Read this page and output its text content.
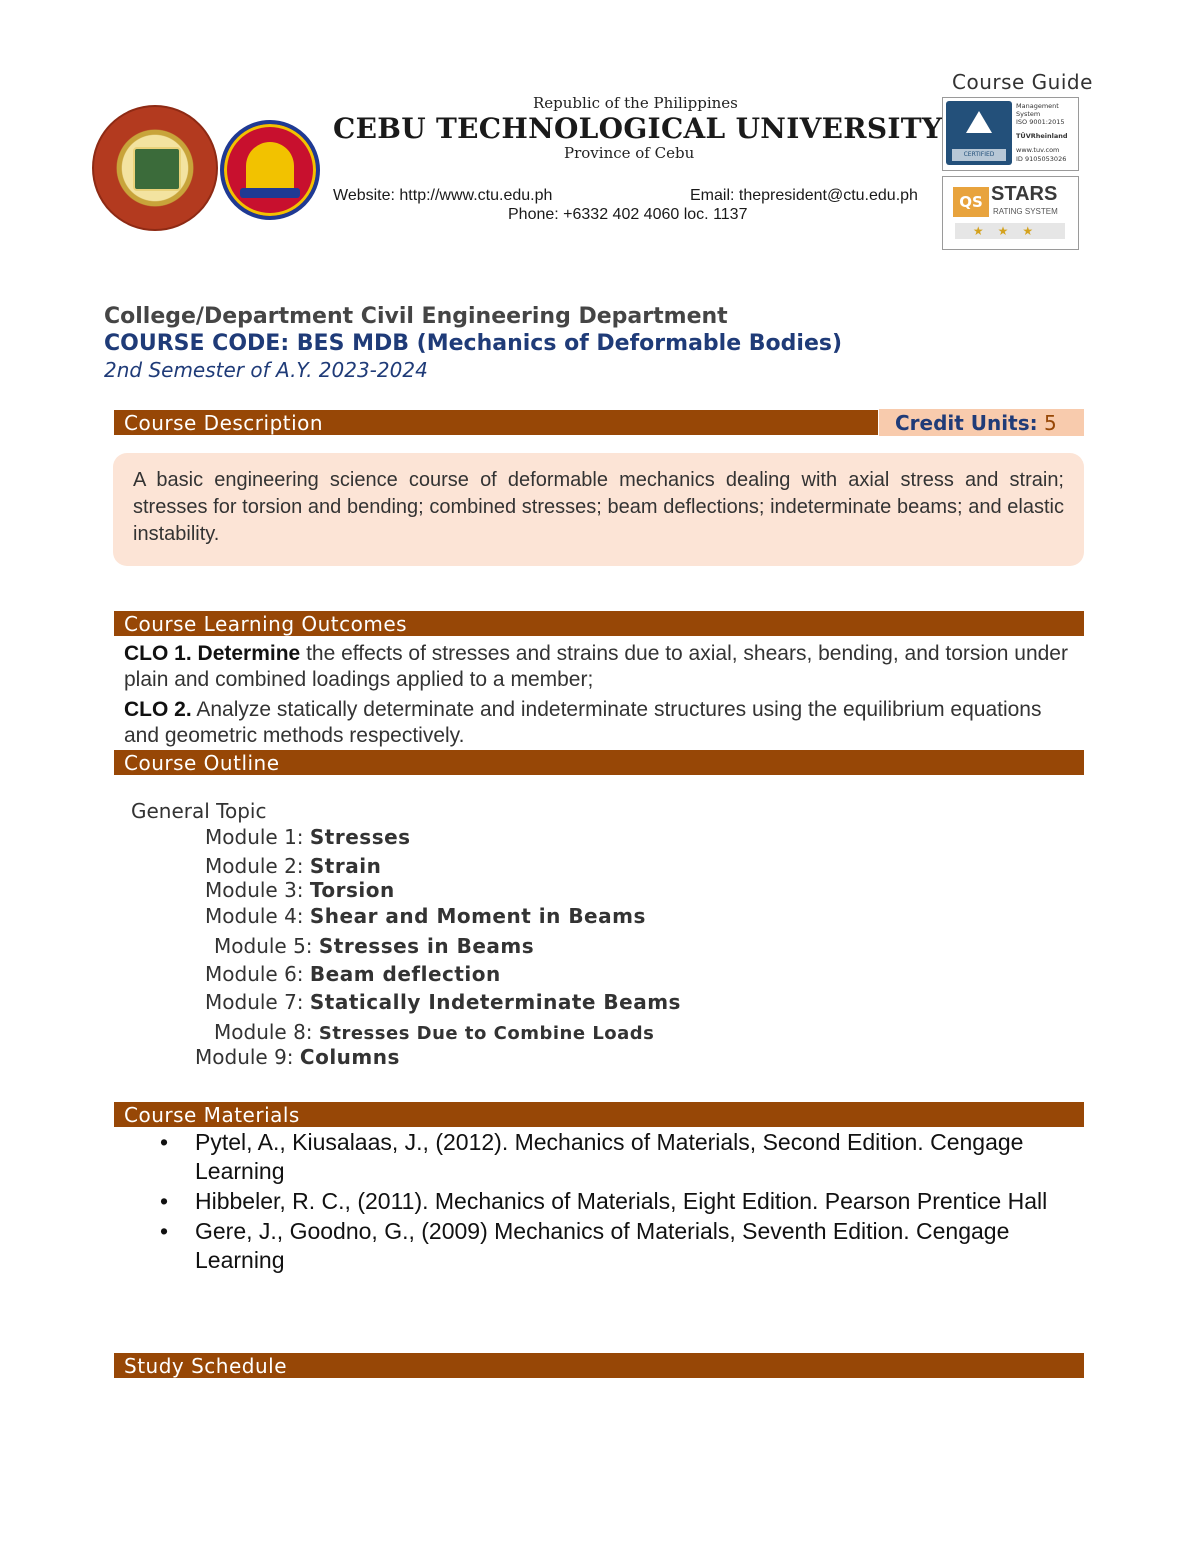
Course Guide
Republic of the Philippines
CEBU TECHNOLOGICAL UNIVERSITY
Province of Cebu
Website: http://www.ctu.edu.ph	Email: thepresident@ctu.edu.ph
Phone: +6332 402 4060 loc. 1137
CERTIFIED
Management
System
ISO 9001:2015
TÜVRheinland
www.tuv.com
ID 9105053026
QS STARS
RATING SYSTEM
★★★
College/Department Civil Engineering Department
COURSE CODE: BES MDB (Mechanics of Deformable Bodies)
2nd Semester of A.Y. 2023-2024
Course Description	Credit Units: 5
A basic engineering science course of deformable mechanics dealing with axial stress and strain; stresses for torsion and bending; combined stresses; beam deflections; indeterminate beams; and elastic instability.
Course Learning Outcomes
CLO 1. Determine the effects of stresses and strains due to axial, shears, bending, and torsion under plain and combined loadings applied to a member;
CLO 2. Analyze statically determinate and indeterminate structures using the equilibrium equations and geometric methods respectively.
Course Outline
General Topic
Module 1: Stresses
Module 2: Strain
Module 3: Torsion
Module 4: Shear and Moment in Beams
Module 5: Stresses in Beams
Module 6: Beam deflection
Module 7: Statically Indeterminate Beams
Module 8: Stresses Due to Combine Loads
Module 9: Columns
Course Materials
• Pytel, A., Kiusalaas, J., (2012). Mechanics of Materials, Second Edition. Cengage Learning
• Hibbeler, R. C., (2011). Mechanics of Materials, Eight Edition. Pearson Prentice Hall
• Gere, J., Goodno, G., (2009) Mechanics of Materials, Seventh Edition. Cengage Learning
Study Schedule
